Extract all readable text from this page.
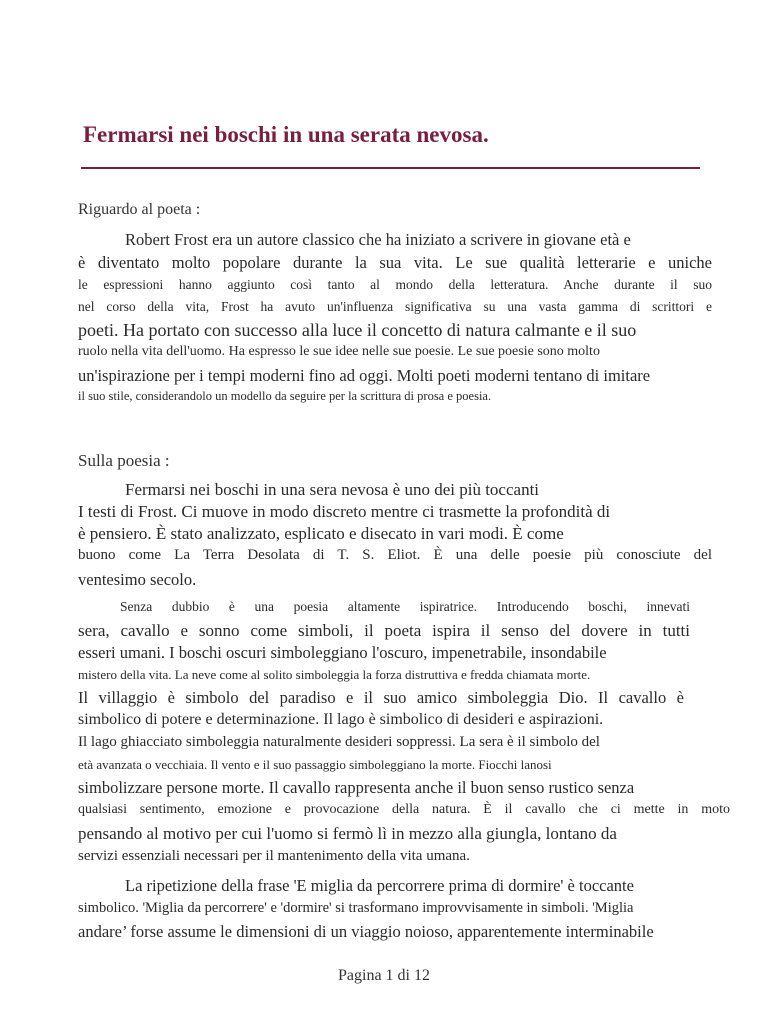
Fermarsi nei boschi in una serata nevosa.
Riguardo al poeta :
Robert Frost era un autore classico che ha iniziato a scrivere in giovane età e
è diventato molto popolare durante la sua vita. Le sue qualità letterarie e uniche
le espressioni hanno aggiunto così tanto al mondo della letteratura. Anche durante il suo
nel corso della vita, Frost ha avuto un'influenza significativa su una vasta gamma di scrittori e
poeti. Ha portato con successo alla luce il concetto di natura calmante e il suo
ruolo nella vita dell'uomo. Ha espresso le sue idee nelle sue poesie. Le sue poesie sono molto
un'ispirazione per i tempi moderni fino ad oggi. Molti poeti moderni tentano di imitare
il suo stile, considerandolo un modello da seguire per la scrittura di prosa e poesia.
Sulla poesia :
Fermarsi nei boschi in una sera nevosa è uno dei più toccanti
I testi di Frost. Ci muove in modo discreto mentre ci trasmette la profondità di
è pensiero. È stato analizzato, esplicato e disecato in vari modi. È come
buono come La Terra Desolata di T. S. Eliot. È una delle poesie più conosciute del
ventesimo secolo.
Senza dubbio è una poesia altamente ispiratrice. Introducendo boschi, innevati
sera, cavallo e sonno come simboli, il poeta ispira il senso del dovere in tutti
esseri umani. I boschi oscuri simboleggiano l'oscuro, impenetrabile, insondabile
mistero della vita. La neve come al solito simboleggia la forza distruttiva e fredda chiamata morte.
Il villaggio è simbolo del paradiso e il suo amico simboleggia Dio. Il cavallo è
simbolico di potere e determinazione. Il lago è simbolico di desideri e aspirazioni.
Il lago ghiacciato simboleggia naturalmente desideri soppressi. La sera è il simbolo del
età avanzata o vecchiaia. Il vento e il suo passaggio simboleggiano la morte. Fiocchi lanosi
simbolizzare persone morte. Il cavallo rappresenta anche il buon senso rustico senza
qualsiasi sentimento, emozione e provocazione della natura. È il cavallo che ci mette in moto
pensando al motivo per cui l'uomo si fermò lì in mezzo alla giungla, lontano da
servizi essenziali necessari per il mantenimento della vita umana.
La ripetizione della frase 'E miglia da percorrere prima di dormire' è toccante
simbolico. 'Miglia da percorrere' e 'dormire' si trasformano improvvisamente in simboli. 'Miglia
andare’ forse assume le dimensioni di un viaggio noioso, apparentemente interminabile
Pagina 1 di 12
